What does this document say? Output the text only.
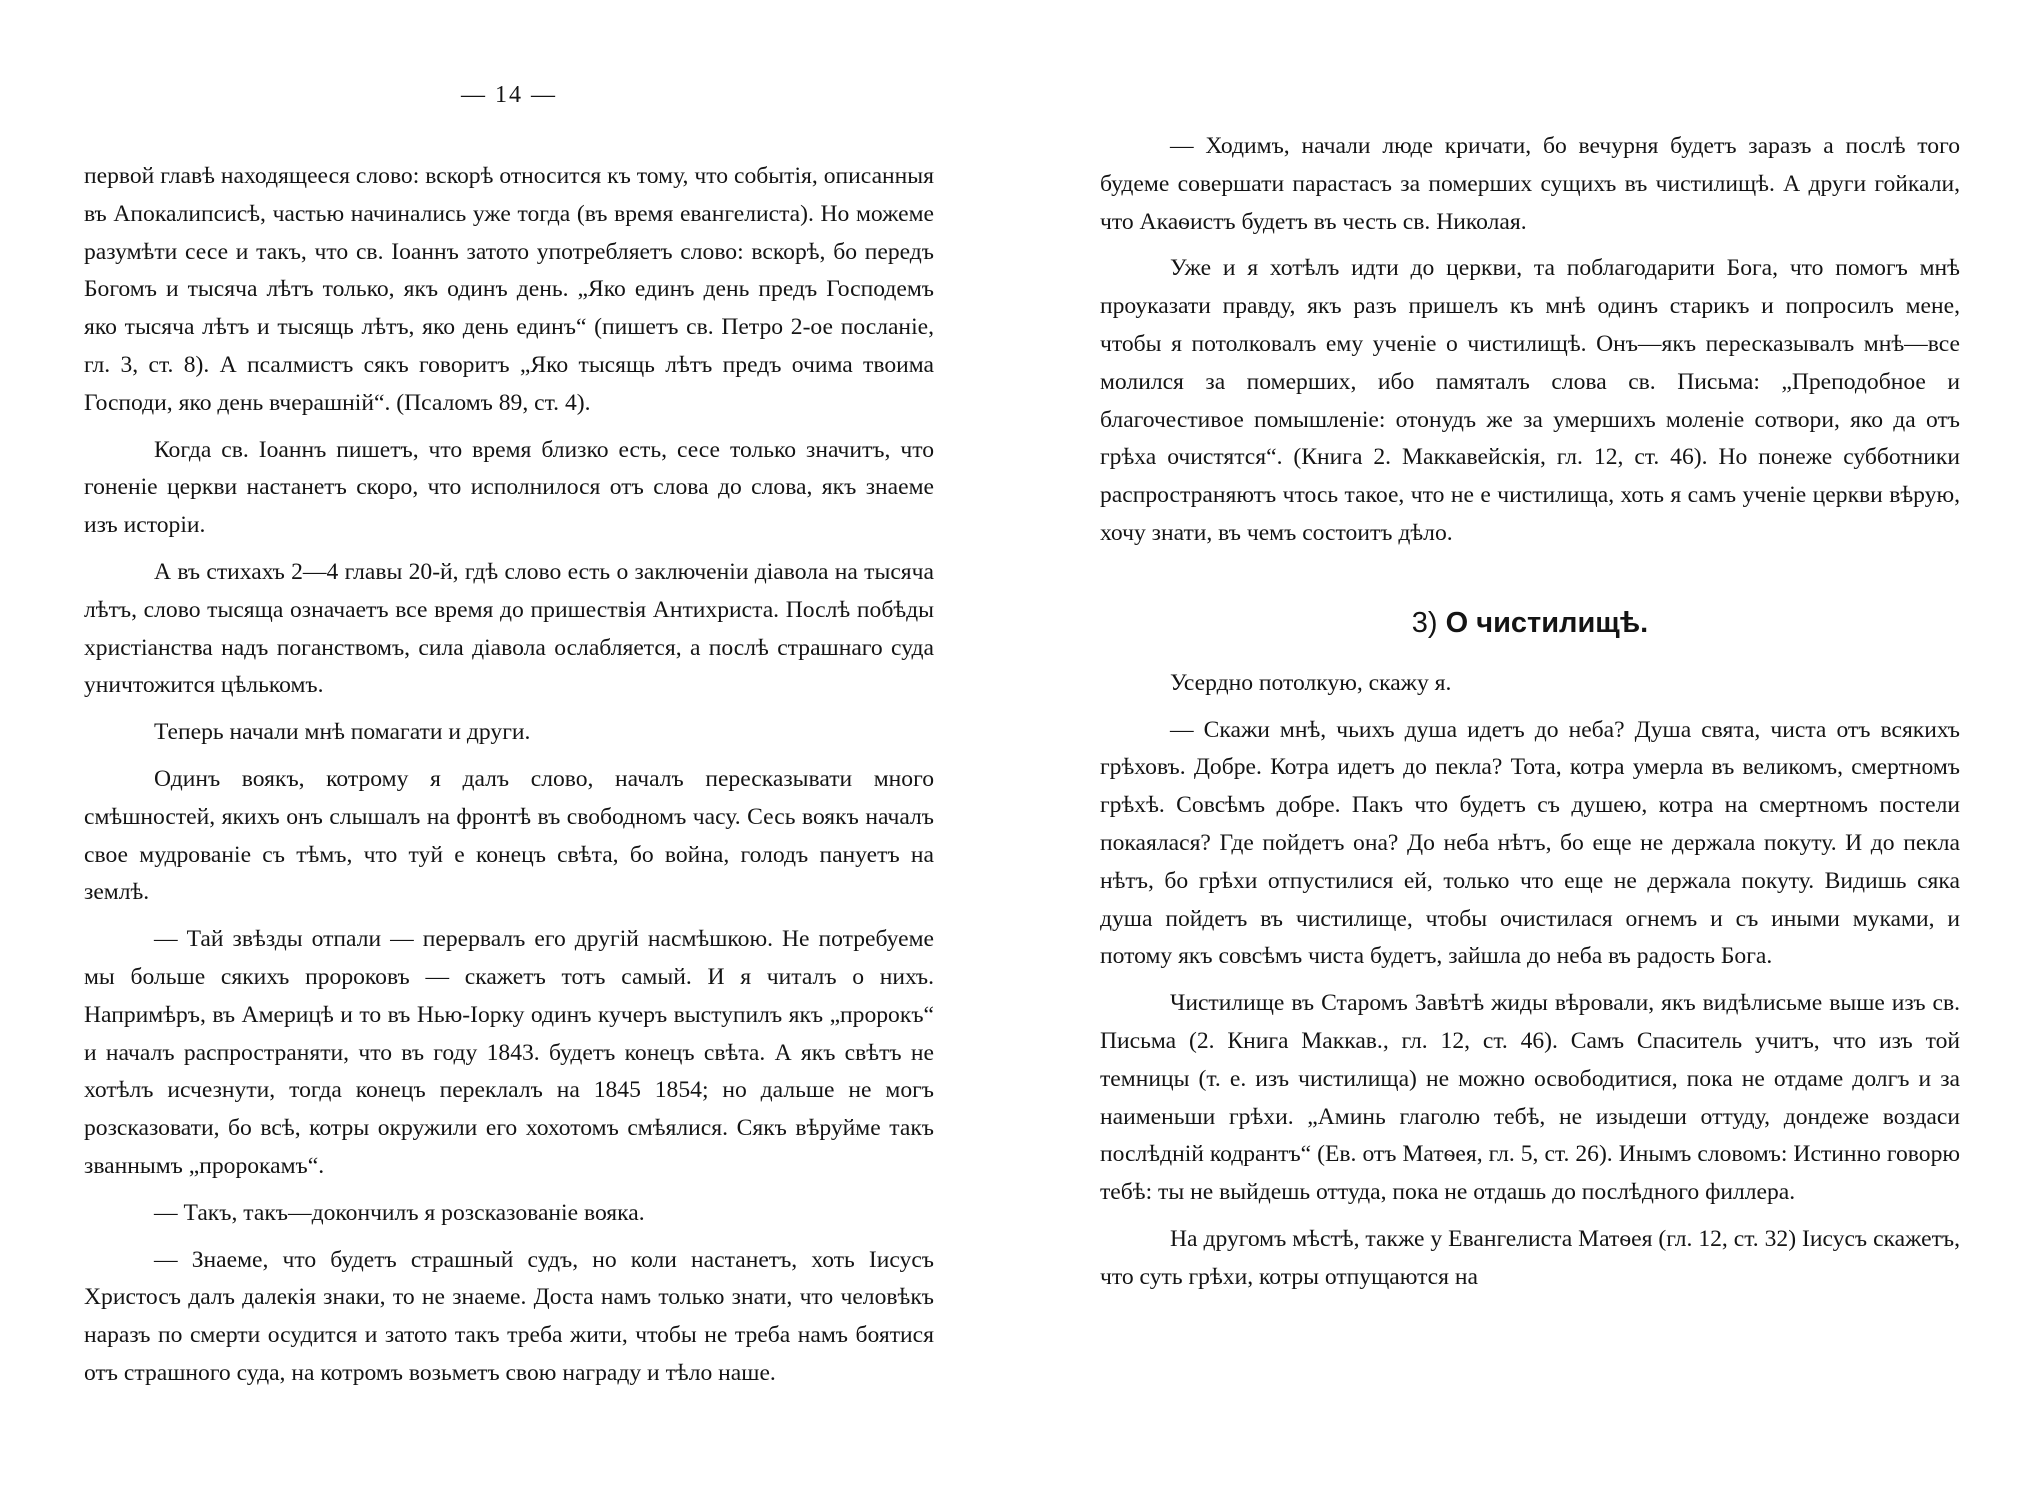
— 14 —

первой главѣ находящееся слово: вскорѣ относится къ тому, что событія, описанныя въ Апокалипсисѣ, частью начинались уже тогда (въ время евангелиста). Но можеме разумѣти сесе и такъ, что св. Іоаннъ затото употребляетъ слово: вскорѣ, бо передъ Богомъ и тысяча лѣтъ только, якъ одинъ день. „Яко единъ день предъ Господемъ яко тысяча лѣтъ и тысящь лѣтъ, яко день единъ“ (пишетъ св. Петро 2-ое посланіе, гл. 3, ст. 8). А псалмистъ сякъ говоритъ „Яко тысящь лѣтъ предъ очима твоима Господи, яко день вчерашній“. (Псаломъ 89, ст. 4).

Когда св. Іоаннъ пишетъ, что время близко есть, сесе только значитъ, что гоненіе церкви настанетъ скоро, что исполнилося отъ слова до слова, якъ знаеме изъ исторіи.

А въ стихахъ 2—4 главы 20-й, гдѣ слово есть о заключеніи діавола на тысяча лѣтъ, слово тысяща означаетъ все время до пришествія Антихриста. Послѣ побѣды христіанства надъ поганствомъ, сила діавола ослабляется, а послѣ страшнаго суда уничтожится цѣлькомъ.

Теперь начали мнѣ помагати и други.

Одинъ воякъ, котрому я далъ слово, началъ пересказывати много смѣшностей, якихъ онъ слышалъ на фронтѣ въ свободномъ часу. Сесь воякъ началъ свое мудрованіе съ тѣмъ, что туй е конецъ свѣта, бо война, голодъ пануетъ на землѣ.

— Тай звѣзды отпали — перервалъ его другій насмѣшкою. Не потребуеме мы больше сякихъ пророковъ — скажетъ тотъ самый. И я читалъ о нихъ. Напримѣръ, въ Америцѣ и то въ Нью-Іорку одинъ кучеръ выступилъ якъ „пророкъ“ и началъ распространяти, что въ году 1843. будетъ конецъ свѣта. А якъ свѣтъ не хотѣлъ исчезнути, тогда конецъ переклалъ на 1845 1854; но дальше не могъ розсказовати, бо всѣ, котры окружили его хохотомъ смѣялися. Сякъ вѣруйме такъ званнымъ „пророкамъ“.

— Такъ, такъ—докончилъ я розсказованіе вояка.

— Знаеме, что будетъ страшный судъ, но коли настанетъ, хоть Іисусъ Христосъ далъ далекія знаки, то не знаеме. Доста намъ только знати, что человѣкъ наразъ по смерти осудится и затото такъ треба жити, чтобы не треба намъ боятися отъ страшного суда, на котромъ возьметъ свою награду и тѣло наше.

— Ходимъ, начали люде кричати, бо вечурня будетъ заразъ а послѣ того будеме совершати парастасъ за померших сущихъ въ чистилищѣ. А други гойкали, что Акаѳистъ будетъ въ честь св. Николая.

Уже и я хотѣлъ идти до церкви, та поблагодарити Бога, что помогъ мнѣ проуказати правду, якъ разъ пришелъ къ мнѣ одинъ старикъ и попросилъ мене, чтобы я потолковалъ ему ученіе о чистилищѣ. Онъ—якъ пересказывалъ мнѣ—все молился за померших, ибо памяталъ слова св. Письма: „Преподобное и благочестивое помышленіе: отонудъ же за умершихъ моленіе сотвори, яко да отъ грѣха очистятся“. (Книга 2. Маккавейскія, гл. 12, ст. 46). Но понеже субботники распространяютъ чтось такое, что не е чистилища, хоть я самъ ученіе церкви вѣрую, хочу знати, въ чемъ состоитъ дѣло.

3) О чистилищѣ.

Усердно потолкую, скажу я.

— Скажи мнѣ, чьихъ душа идетъ до неба? Душа свята, чиста отъ всякихъ грѣховъ. Добре. Котра идетъ до пекла? Тота, котра умерла въ великомъ, смертномъ грѣхѣ. Совсѣмъ добре. Пакъ что будетъ съ душею, котра на смертномъ постели покаялася? Где пойдетъ она? До неба нѣтъ, бо еще не держала покуту. И до пекла нѣтъ, бо грѣхи отпустилися ей, только что еще не держала покуту. Видишь сяка душа пойдетъ въ чистилище, чтобы очистилася огнемъ и съ иными муками, и потому якъ совсѣмъ чиста будетъ, зайшла до неба въ радость Бога.

Чистилище въ Старомъ Завѣтѣ жиды вѣровали, якъ видѣлисьме выше изъ св. Письма (2. Книга Маккав., гл. 12, ст. 46). Самъ Спаситель учитъ, что изъ той темницы (т. е. изъ чистилища) не можно освободитися, пока не отдаме долгъ и за наименьши грѣхи. „Аминь глаголю тебѣ, не изыдеши оттуду, дондеже воздаси послѣдній кодрантъ“ (Ев. отъ Матѳея, гл. 5, ст. 26). Инымъ словомъ: Истинно говорю тебѣ: ты не выйдешь оттуда, пока не отдашь до послѣдного филлера.

На другомъ мѣстѣ, также у Евангелиста Матѳея (гл. 12, ст. 32) Іисусъ скажетъ, что суть грѣхи, котры отпущаются на
